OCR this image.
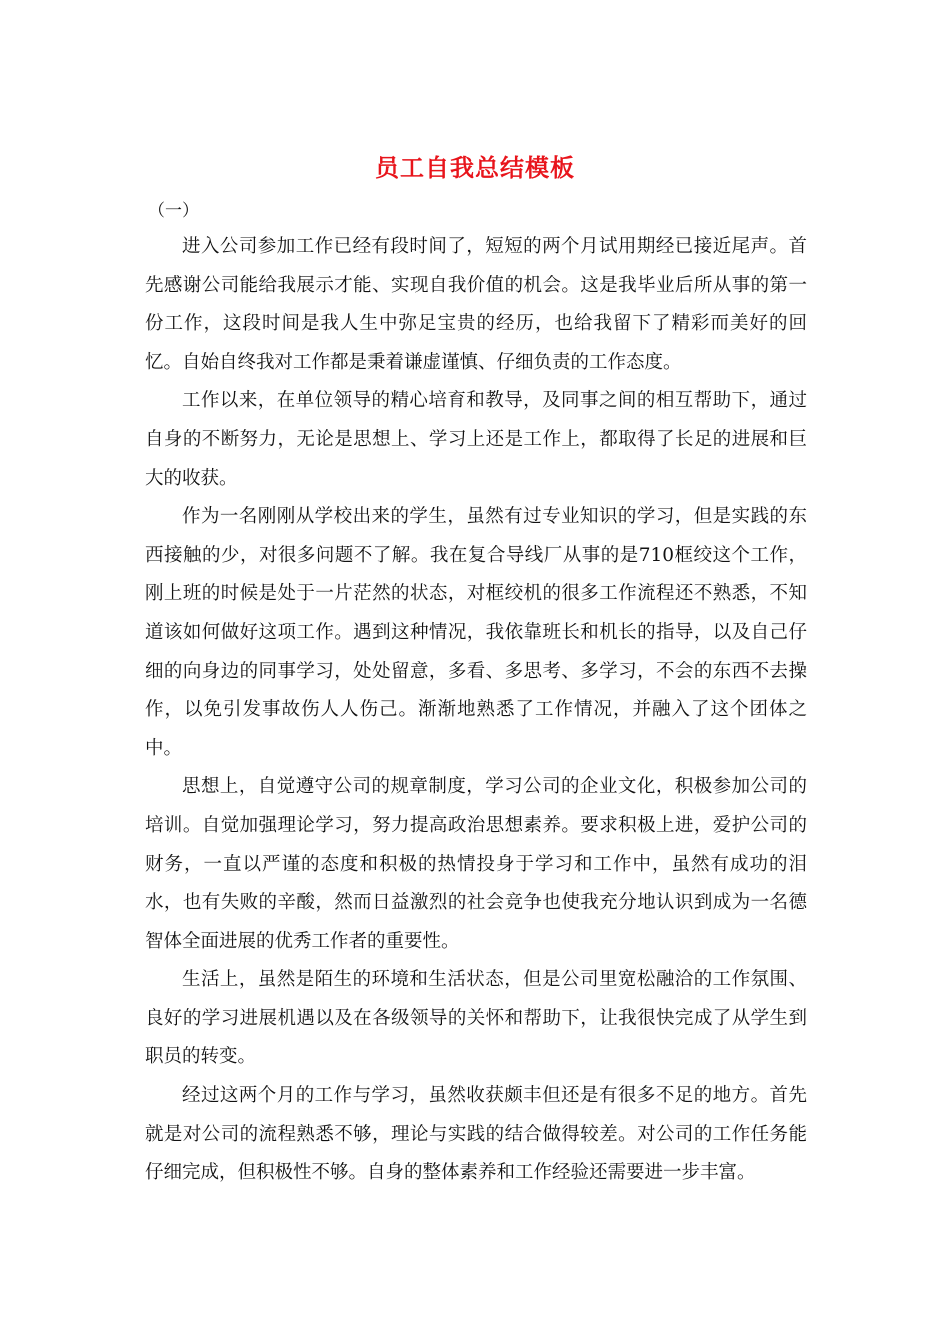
员工自我总结模板
（一）

进入公司参加工作已经有段时间了，短短的两个月试用期经已接近尾声。首先感谢公司能给我展示才能、实现自我价值的机会。这是我毕业后所从事的第一份工作，这段时间是我人生中弥足宝贵的经历，也给我留下了精彩而美好的回忆。自始自终我对工作都是秉着谦虚谨慎、仔细负责的工作态度。

工作以来，在单位领导的精心培育和教导，及同事之间的相互帮助下，通过自身的不断努力，无论是思想上、学习上还是工作上，都取得了长足的进展和巨大的收获。

作为一名刚刚从学校出来的学生，虽然有过专业知识的学习，但是实践的东西接触的少，对很多问题不了解。我在复合导线厂从事的是710框绞这个工作，刚上班的时候是处于一片茫然的状态，对框绞机的很多工作流程还不熟悉，不知道该如何做好这项工作。遇到这种情况，我依靠班长和机长的指导，以及自己仔细的向身边的同事学习，处处留意，多看、多思考、多学习，不会的东西不去操作，以免引发事故伤人人伤己。渐渐地熟悉了工作情况，并融入了这个团体之中。

思想上，自觉遵守公司的规章制度，学习公司的企业文化，积极参加公司的培训。自觉加强理论学习，努力提高政治思想素养。要求积极上进，爱护公司的财务，一直以严谨的态度和积极的热情投身于学习和工作中，虽然有成功的泪水，也有失败的辛酸，然而日益激烈的社会竞争也使我充分地认识到成为一名德智体全面进展的优秀工作者的重要性。

生活上，虽然是陌生的环境和生活状态，但是公司里宽松融洽的工作氛围、良好的学习进展机遇以及在各级领导的关怀和帮助下，让我很快完成了从学生到职员的转变。

经过这两个月的工作与学习，虽然收获颇丰但还是有很多不足的地方。首先就是对公司的流程熟悉不够，理论与实践的结合做得较差。对公司的工作任务能仔细完成，但积极性不够。自身的整体素养和工作经验还需要进一步丰富。
